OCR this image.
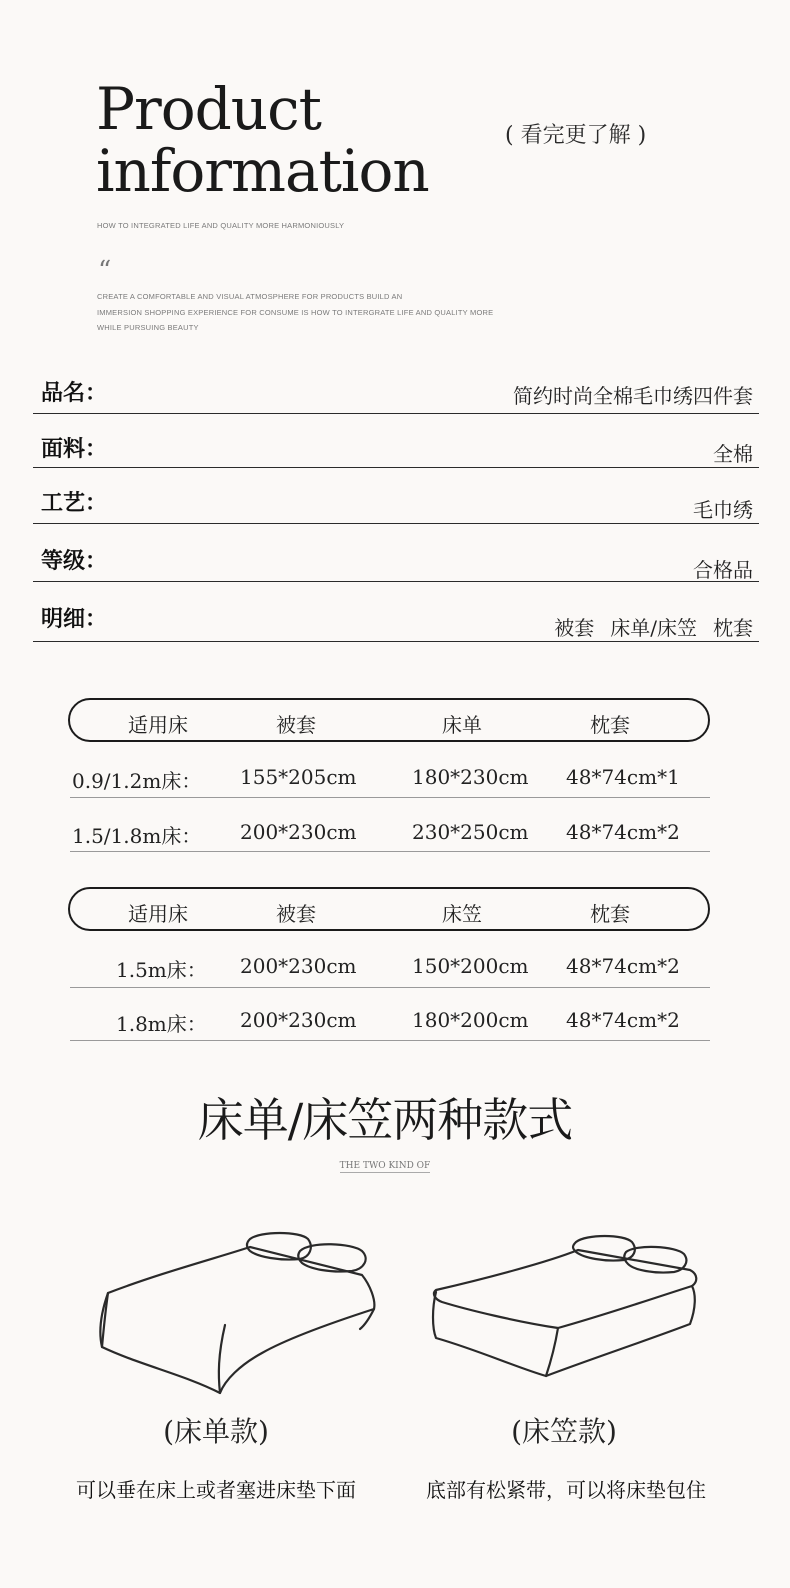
Product
information
( 看完更了解 )
HOW TO INTEGRATED LIFE AND QUALITY MORE HARMONIOUSLY
“
CREATE A COMFORTABLE AND VISUAL ATMOSPHERE FOR PRODUCTS BUILD AN
IMMERSION SHOPPING EXPERIENCE FOR CONSUME IS HOW TO INTERGRATE LIFE AND QUALITY MORE
WHILE PURSUING BEAUTY
品名：	简约时尚全棉毛巾绣四件套
面料：	全棉
工艺：	毛巾绣
等级：	合格品
明细：	被套 床单/床笠 枕套
适用床	被套	床单	枕套
0.9/1.2m床： 155*205cm	180*230cm 48*74cm*1
1.5/1.8m床： 200*230cm	230*250cm 48*74cm*2
适用床	被套	床笠	枕套
1.5m床： 200*230cm	150*200cm 48*74cm*2
1.8m床： 200*230cm	180*200cm 48*74cm*2
床单/床笠两种款式
THE TWO KIND OF
(床单款)	(床笠款)
可以垂在床上或者塞进床垫下面	底部有松紧带，可以将床垫包住
